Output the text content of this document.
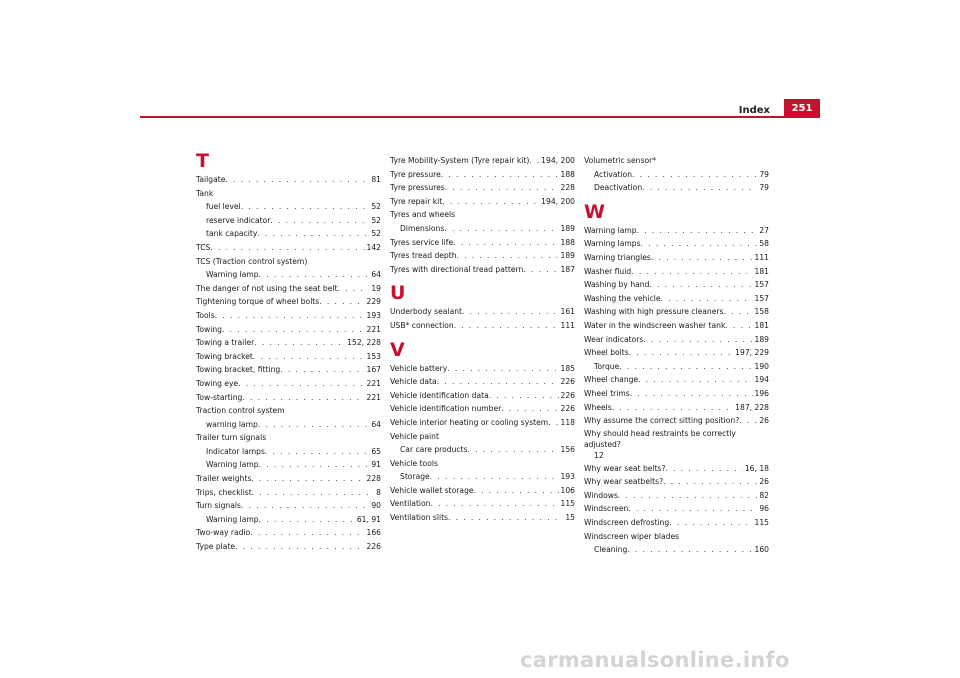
Index	251
T
Tailgate . . .	81
Tank
fuel level . . .	52
reserve indicator . . .	52
tank capacity . . .	52
TCS . . .	142
TCS (Traction control system)
Warning lamp . . .	64
The danger of not using the seat belt . . .	19
Tightening torque of wheel bolts . . .	229
Tools . . .	193
Towing . . .	221
Towing a trailer . . .	152, 228
Towing bracket . . .	153
Towing bracket, fitting . . .	167
Towing eye . . .	221
Tow-starting . . .	221
Traction control system
warning lamp . . .	64
Trailer turn signals
Indicator lamps . . .	65
Warning lamp . . .	91
Trailer weights . . .	228
Trips, checklist . . .	8
Turn signals . . .	90
Warning lamp . . .	61, 91
Two-way radio . . .	166
Type plate . . .	226
Tyre Mobility-System (Tyre repair kit) . . . 194, 200
Tyre pressure . . .	188
Tyre pressures . . .	228
Tyre repair kit . . .	194, 200
Tyres and wheels
Dimensions . . .	189
Tyres service life . . .	188
Tyres tread depth . . .	189
Tyres with directional tread pattern . . .	187
U
Underbody sealant . . .	161
USB* connection . . .	111
V
Vehicle battery . . .	185
Vehicle data . . .	226
Vehicle identification data . . .	226
Vehicle identification number . . .	226
Vehicle interior heating or cooling system . . . 118
Vehicle paint
Car care products . . .	156
Vehicle tools
Storage . . .	193
Vehicle wallet storage . . .	106
Ventilation . . .	115
Ventilation slits . . .	15
Volumetric sensor*
Activation . . .	79
Deactivation . . .	79
W
Warning lamp . . .	27
Warning lamps . . .	58
Warning triangles . . .	111
Washer fluid . . .	181
Washing by hand . . .	157
Washing the vehicle . . .	157
Washing with high pressure cleaners . . .	158
Water in the windscreen washer tank . . .	181
Wear indicators . . .	189
Wheel bolts . . .	197, 229
Torque . . .	190
Wheel change . . .	194
Wheel trims . . .	196
Wheels . . .	187, 228
Why assume the correct sitting position? . . .	26
Why should head restraints be correctly adjusted?
12
Why wear seat belts? . . .	16, 18
Why wear seatbelts? . . .	26
Windows . . .	82
Windscreen . . .	96
Windscreen defrosting . . .	115
Windscreen wiper blades
Cleaning . . .	160
carmanualsonline.info
